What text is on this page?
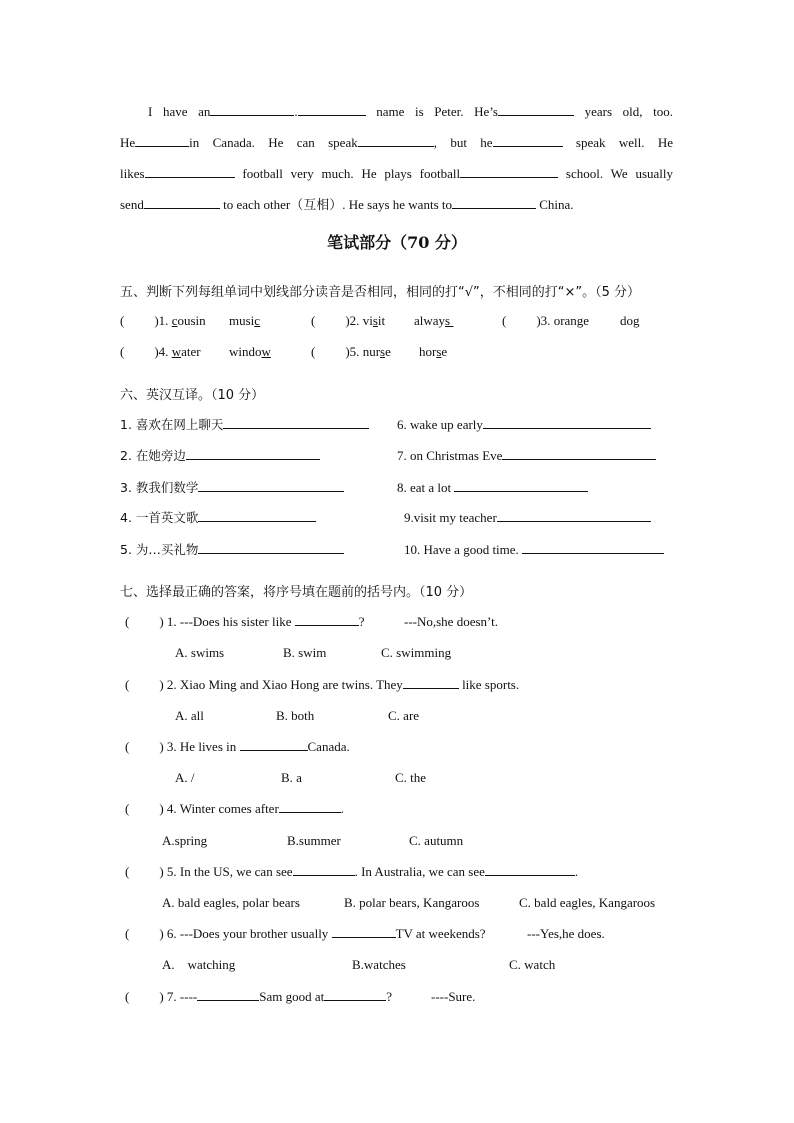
I have an	.	name is Peter. He’s	years old, too.
He	in Canada. He can speak	, but he	speak well. He
likes	football very much. He plays football	school. We usually
send	to each other（互相）. He says he wants to	China.
笔试部分（70 分）
五、判断下列每组单词中划线部分读音是否相同，相同的打“√”，不相同的打“×”。（5 分）
( )1. cousin music	( )2. visit always	( )3. orange dog
( )4. water window	( )5. nurse horse
六、英汉互译。（10 分）
1. 喜欢在网上聊天	6. wake up early
2. 在她旁边	7. on Christmas Eve
3. 教我们数学	8. eat a lot
4. 一首英文歌	9.visit my teacher
5. 为…买礼物	10. Have a good time.
七、选择最正确的答案，将序号填在题前的括号内。（10 分）
( ) 1. ---Does his sister like	?	---No,she doesn’t.
A. swims	B. swim	C. swimming
( ) 2. Xiao Ming and Xiao Hong are twins. They	like sports.
A. all	B. both	C. are
( ) 3. He lives in	Canada.
A. /	B. a	C. the
( ) 4. Winter comes after	.
A.spring	B.summer	C. autumn
( ) 5. In the US, we can see	. In Australia, we can see	.
A. bald eagles, polar bears	B. polar bears, Kangaroos	C. bald eagles, Kangaroos
( ) 6. ---Does your brother usually	TV at weekends?	---Yes,he does.
A.    watching	B.watches	C. watch
( ) 7. ----	Sam good at	?	----Sure.
